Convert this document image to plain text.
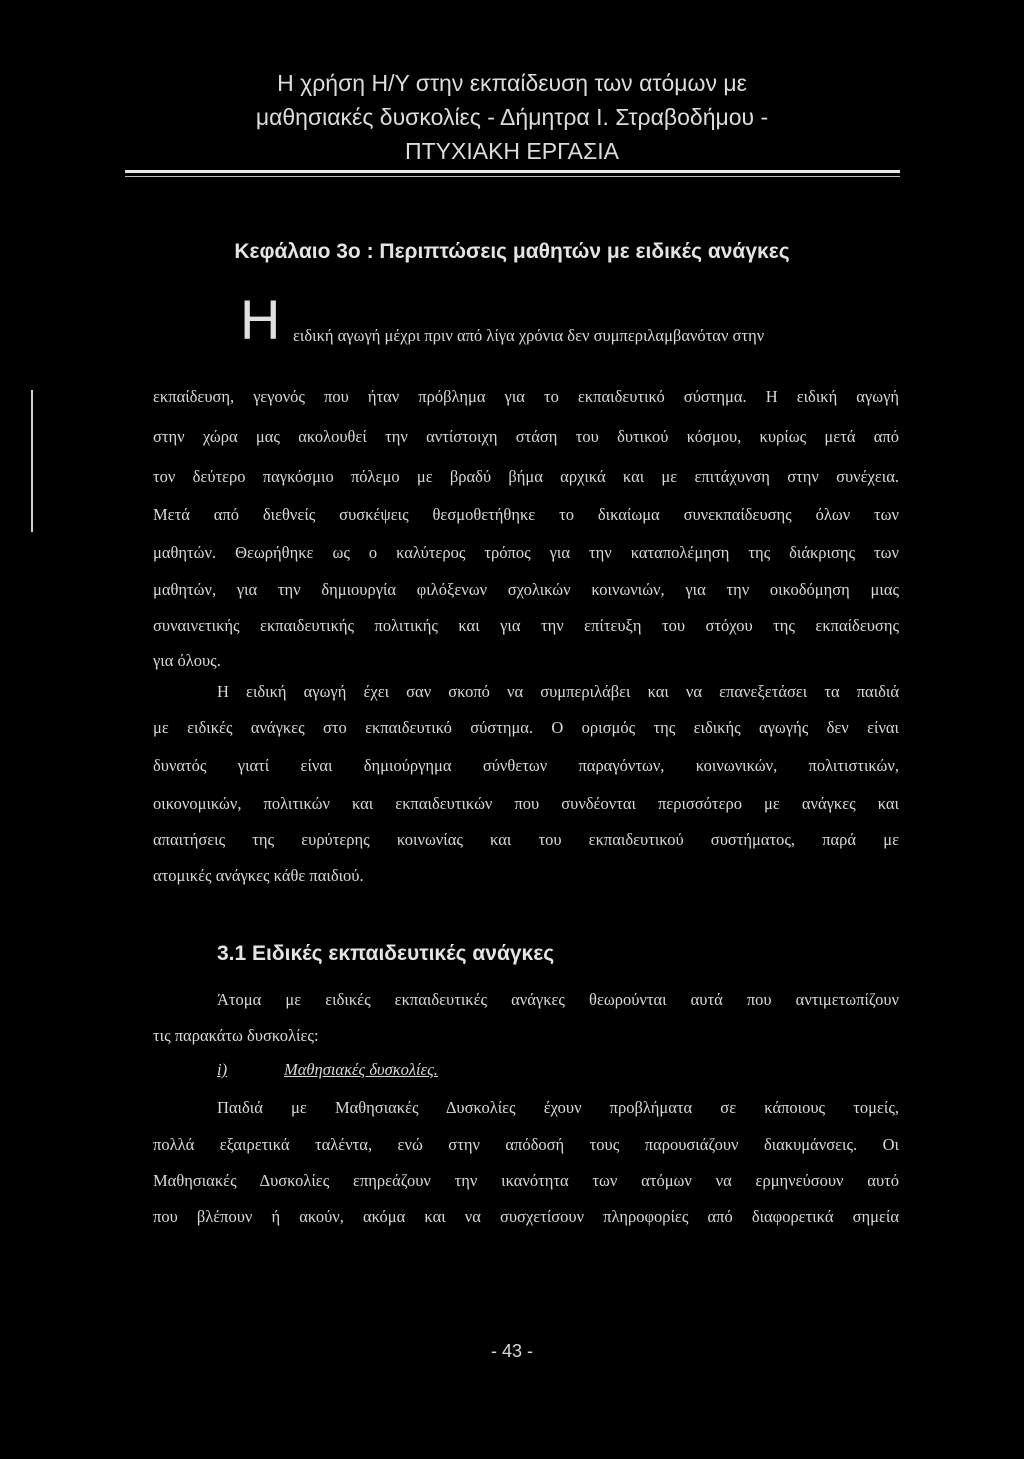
Η χρήση Η/Υ στην εκπαίδευση των ατόμων με
μαθησιακές δυσκολίες - Δήμητρα Ι. Στραβοδήμου -
ΠΤΥΧΙΑΚΗ ΕΡΓΑΣΙΑ
Κεφάλαιο 3ο : Περιπτώσεις μαθητών με ειδικές ανάγκες
Η ειδική αγωγή μέχρι πριν από λίγα χρόνια δεν συμπεριλαμβανόταν στην
εκπαίδευση, γεγονός που ήταν πρόβλημα για το εκπαιδευτικό σύστημα. Η ειδική αγωγή
στην χώρα μας ακολουθεί την αντίστοιχη στάση του δυτικού κόσμου, κυρίως μετά από
τον δεύτερο παγκόσμιο πόλεμο με βραδύ βήμα αρχικά και με επιτάχυνση στην συνέχεια.
Μετά από διεθνείς συσκέψεις θεσμοθετήθηκε το δικαίωμα συνεκπαίδευσης όλων των
μαθητών. Θεωρήθηκε ως ο καλύτερος τρόπος για την καταπολέμηση της διάκρισης των
μαθητών, για την δημιουργία φιλόξενων σχολικών κοινωνιών, για την οικοδόμηση μιας
συναινετικής εκπαιδευτικής πολιτικής και για την επίτευξη του στόχου της εκπαίδευσης
για όλους.
Η ειδική αγωγή έχει σαν σκοπό να συμπεριλάβει και να επανεξετάσει τα παιδιά
με ειδικές ανάγκες στο εκπαιδευτικό σύστημα. Ο ορισμός της ειδικής αγωγής δεν είναι
δυνατός γιατί είναι δημιούργημα σύνθετων παραγόντων, κοινωνικών, πολιτιστικών,
οικονομικών, πολιτικών και εκπαιδευτικών που συνδέονται περισσότερο με ανάγκες και
απαιτήσεις της ευρύτερης κοινωνίας και του εκπαιδευτικού συστήματος, παρά με
ατομικές ανάγκες κάθε παιδιού.
3.1 Ειδικές εκπαιδευτικές ανάγκες
Άτομα με ειδικές εκπαιδευτικές ανάγκες θεωρούνται αυτά που αντιμετωπίζουν
τις παρακάτω δυσκολίες:
i)	Μαθησιακές δυσκολίες.
Παιδιά με Μαθησιακές Δυσκολίες έχουν προβλήματα σε κάποιους τομείς,
πολλά εξαιρετικά ταλέντα, ενώ στην απόδοσή τους παρουσιάζουν διακυμάνσεις. Οι
Μαθησιακές Δυσκολίες επηρεάζουν την ικανότητα των ατόμων να ερμηνεύσουν αυτό
που βλέπουν ή ακούν, ακόμα και να συσχετίσουν πληροφορίες από διαφορετικά σημεία
- 43 -
